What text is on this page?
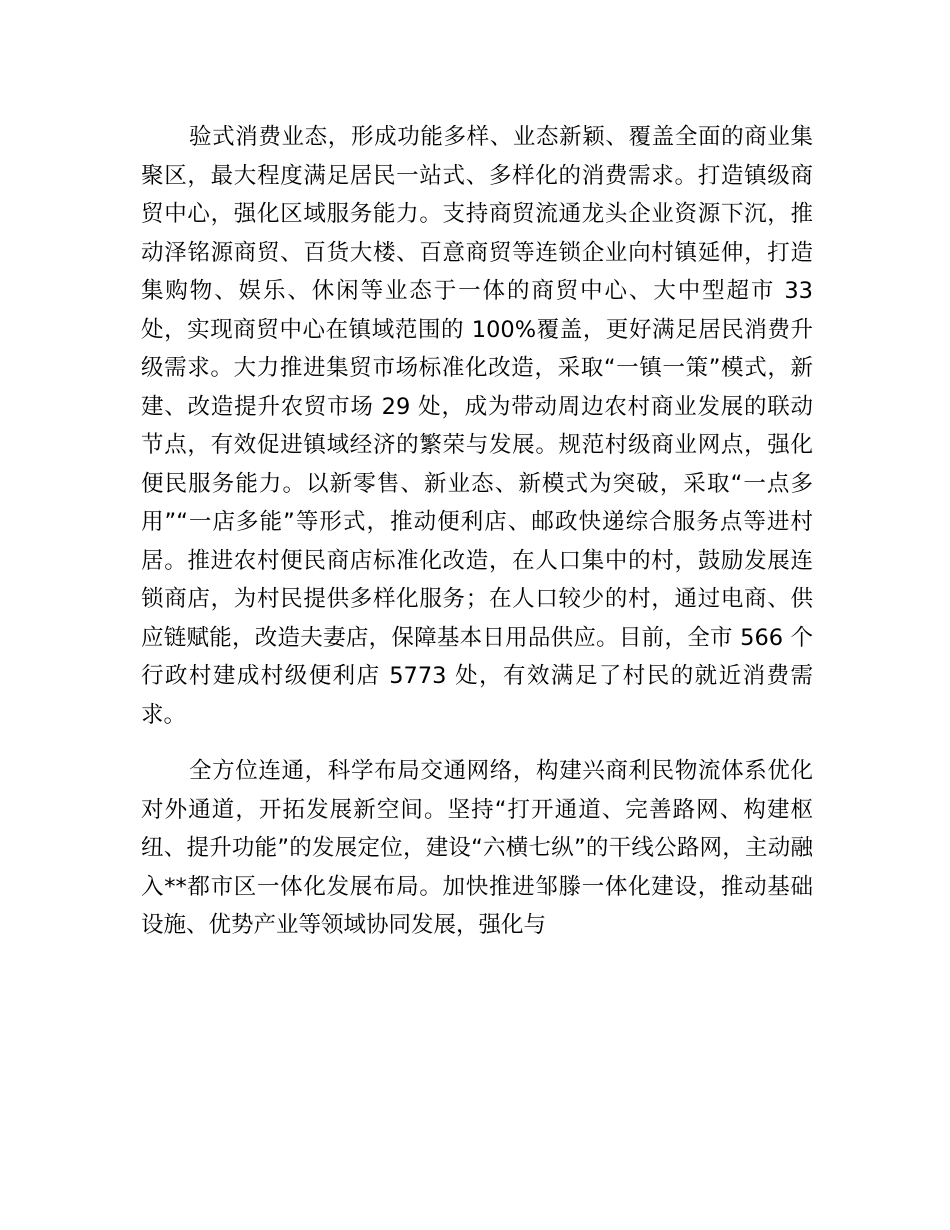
验式消费业态，形成功能多样、业态新颖、覆盖全面的商业集聚区，最大程度满足居民一站式、多样化的消费需求。打造镇级商贸中心，强化区域服务能力。支持商贸流通龙头企业资源下沉，推动泽铭源商贸、百货大楼、百意商贸等连锁企业向村镇延伸，打造集购物、娱乐、休闲等业态于一体的商贸中心、大中型超市 33 处，实现商贸中心在镇域范围的 100%覆盖，更好满足居民消费升级需求。大力推进集贸市场标准化改造，采取“一镇一策”模式，新建、改造提升农贸市场 29 处，成为带动周边农村商业发展的联动节点，有效促进镇域经济的繁荣与发展。规范村级商业网点，强化便民服务能力。以新零售、新业态、新模式为突破，采取“一点多用”“一店多能”等形式，推动便利店、邮政快递综合服务点等进村居。推进农村便民商店标准化改造，在人口集中的村，鼓励发展连锁商店，为村民提供多样化服务；在人口较少的村，通过电商、供应链赋能，改造夫妻店，保障基本日用品供应。目前，全市 566 个行政村建成村级便利店 5773 处，有效满足了村民的就近消费需求。

全方位连通，科学布局交通网络，构建兴商利民物流体系优化对外通道，开拓发展新空间。坚持“打开通道、完善路网、构建枢纽、提升功能”的发展定位，建设“六横七纵”的干线公路网，主动融入**都市区一体化发展布局。加快推进邹滕一体化建设，推动基础设施、优势产业等领域协同发展，强化与
